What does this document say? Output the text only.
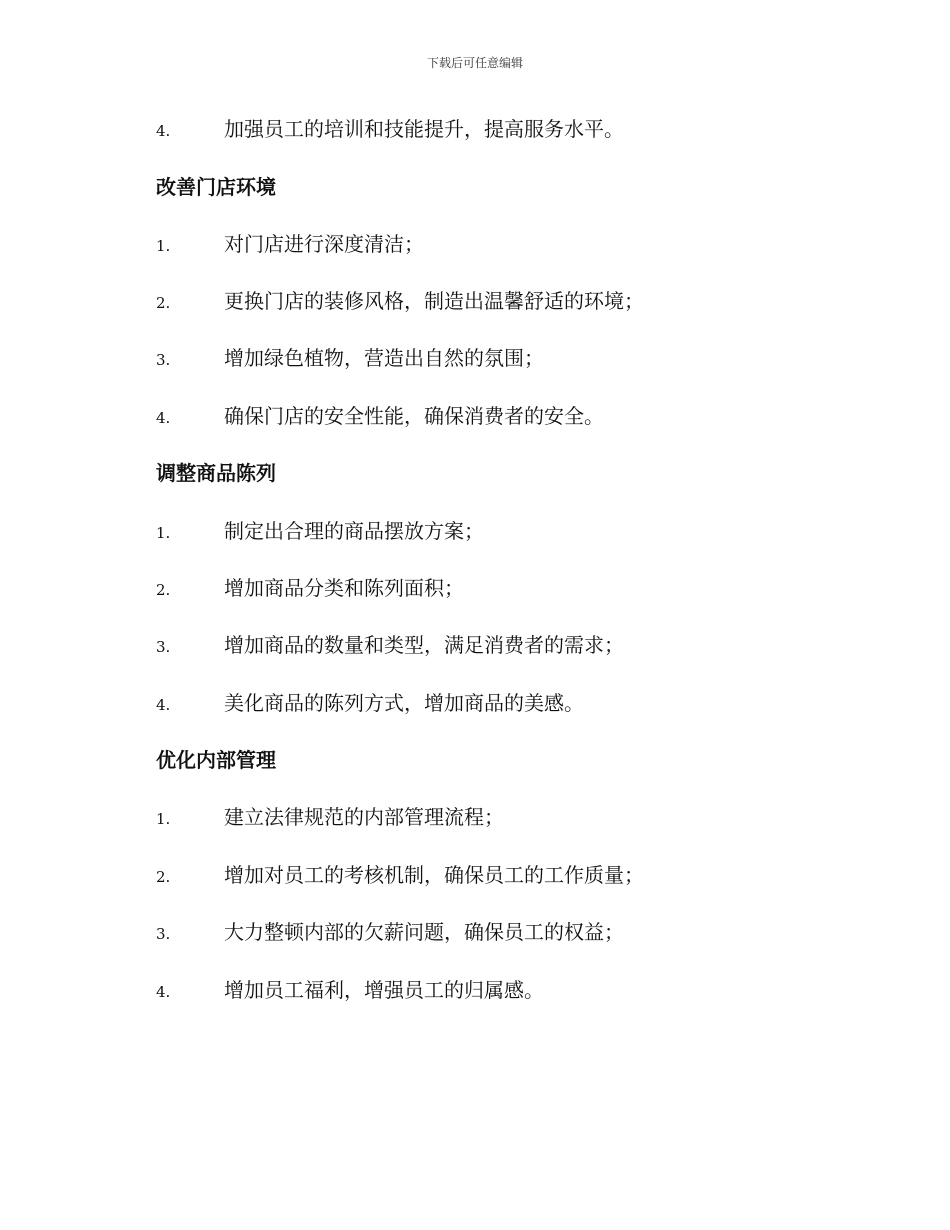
下载后可任意编辑
4.	加强员工的培训和技能提升，提高服务水平。
改善门店环境
1.	对门店进行深度清洁；
2.	更换门店的装修风格，制造出温馨舒适的环境；
3.	增加绿色植物，营造出自然的氛围；
4.	确保门店的安全性能，确保消费者的安全。
调整商品陈列
1.	制定出合理的商品摆放方案；
2.	增加商品分类和陈列面积；
3.	增加商品的数量和类型，满足消费者的需求；
4.	美化商品的陈列方式，增加商品的美感。
优化内部管理
1.	建立法律规范的内部管理流程；
2.	增加对员工的考核机制，确保员工的工作质量；
3.	大力整顿内部的欠薪问题，确保员工的权益；
4.	增加员工福利，增强员工的归属感。
